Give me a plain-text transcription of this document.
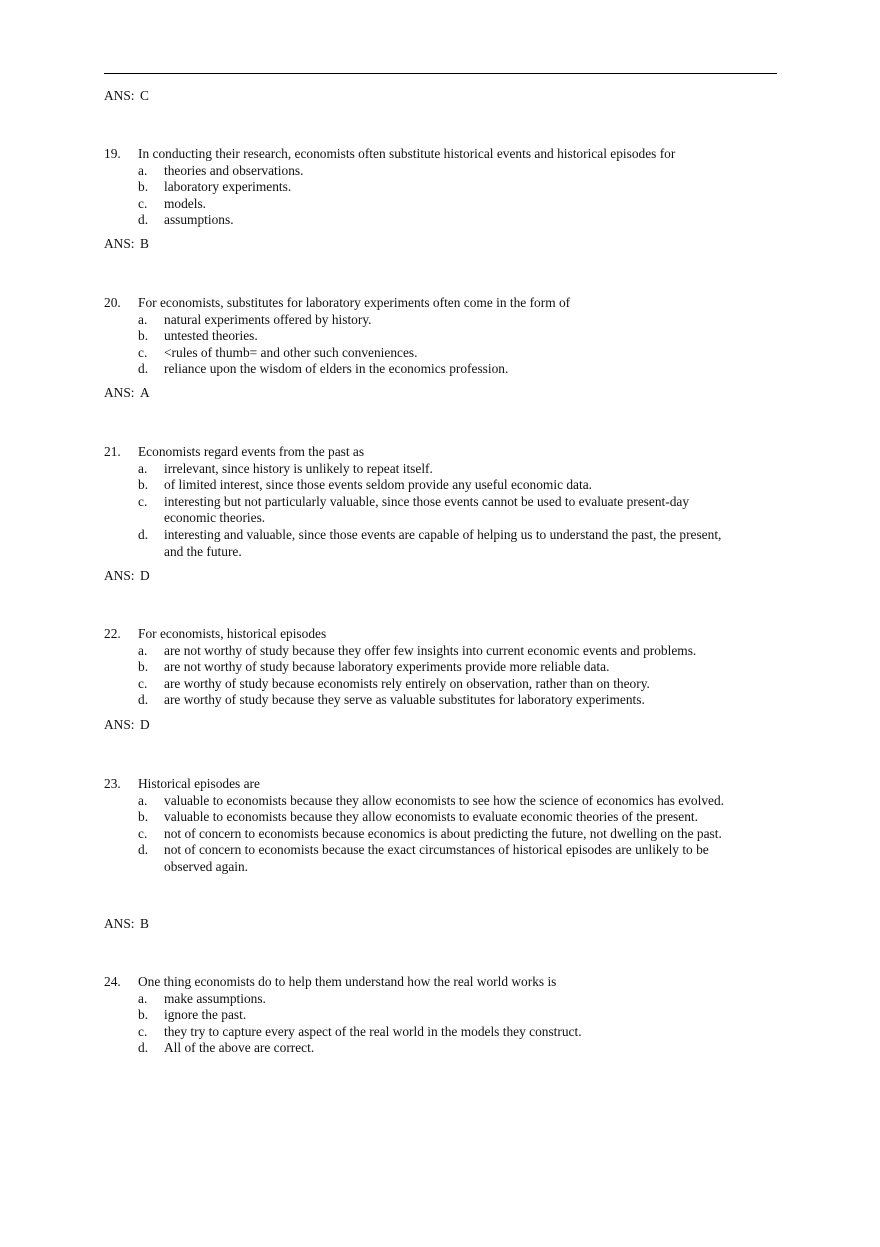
ANS: C
19. In conducting their research, economists often substitute historical events and historical episodes for
a. theories and observations.
b. laboratory experiments.
c. models.
d. assumptions.
ANS: B
20. For economists, substitutes for laboratory experiments often come in the form of
a. natural experiments offered by history.
b. untested theories.
c. <rules of thumb= and other such conveniences.
d. reliance upon the wisdom of elders in the economics profession.
ANS: A
21. Economists regard events from the past as
a. irrelevant, since history is unlikely to repeat itself.
b. of limited interest, since those events seldom provide any useful economic data.
c. interesting but not particularly valuable, since those events cannot be used to evaluate present-day economic theories.
d. interesting and valuable, since those events are capable of helping us to understand the past, the present, and the future.
ANS: D
22. For economists, historical episodes
a. are not worthy of study because they offer few insights into current economic events and problems.
b. are not worthy of study because laboratory experiments provide more reliable data.
c. are worthy of study because economists rely entirely on observation, rather than on theory.
d. are worthy of study because they serve as valuable substitutes for laboratory experiments.
ANS: D
23. Historical episodes are
a. valuable to economists because they allow economists to see how the science of economics has evolved.
b. valuable to economists because they allow economists to evaluate economic theories of the present.
c. not of concern to economists because economics is about predicting the future, not dwelling on the past.
d. not of concern to economists because the exact circumstances of historical episodes are unlikely to be observed again.
ANS: B
24. One thing economists do to help them understand how the real world works is
a. make assumptions.
b. ignore the past.
c. they try to capture every aspect of the real world in the models they construct.
d. All of the above are correct.
